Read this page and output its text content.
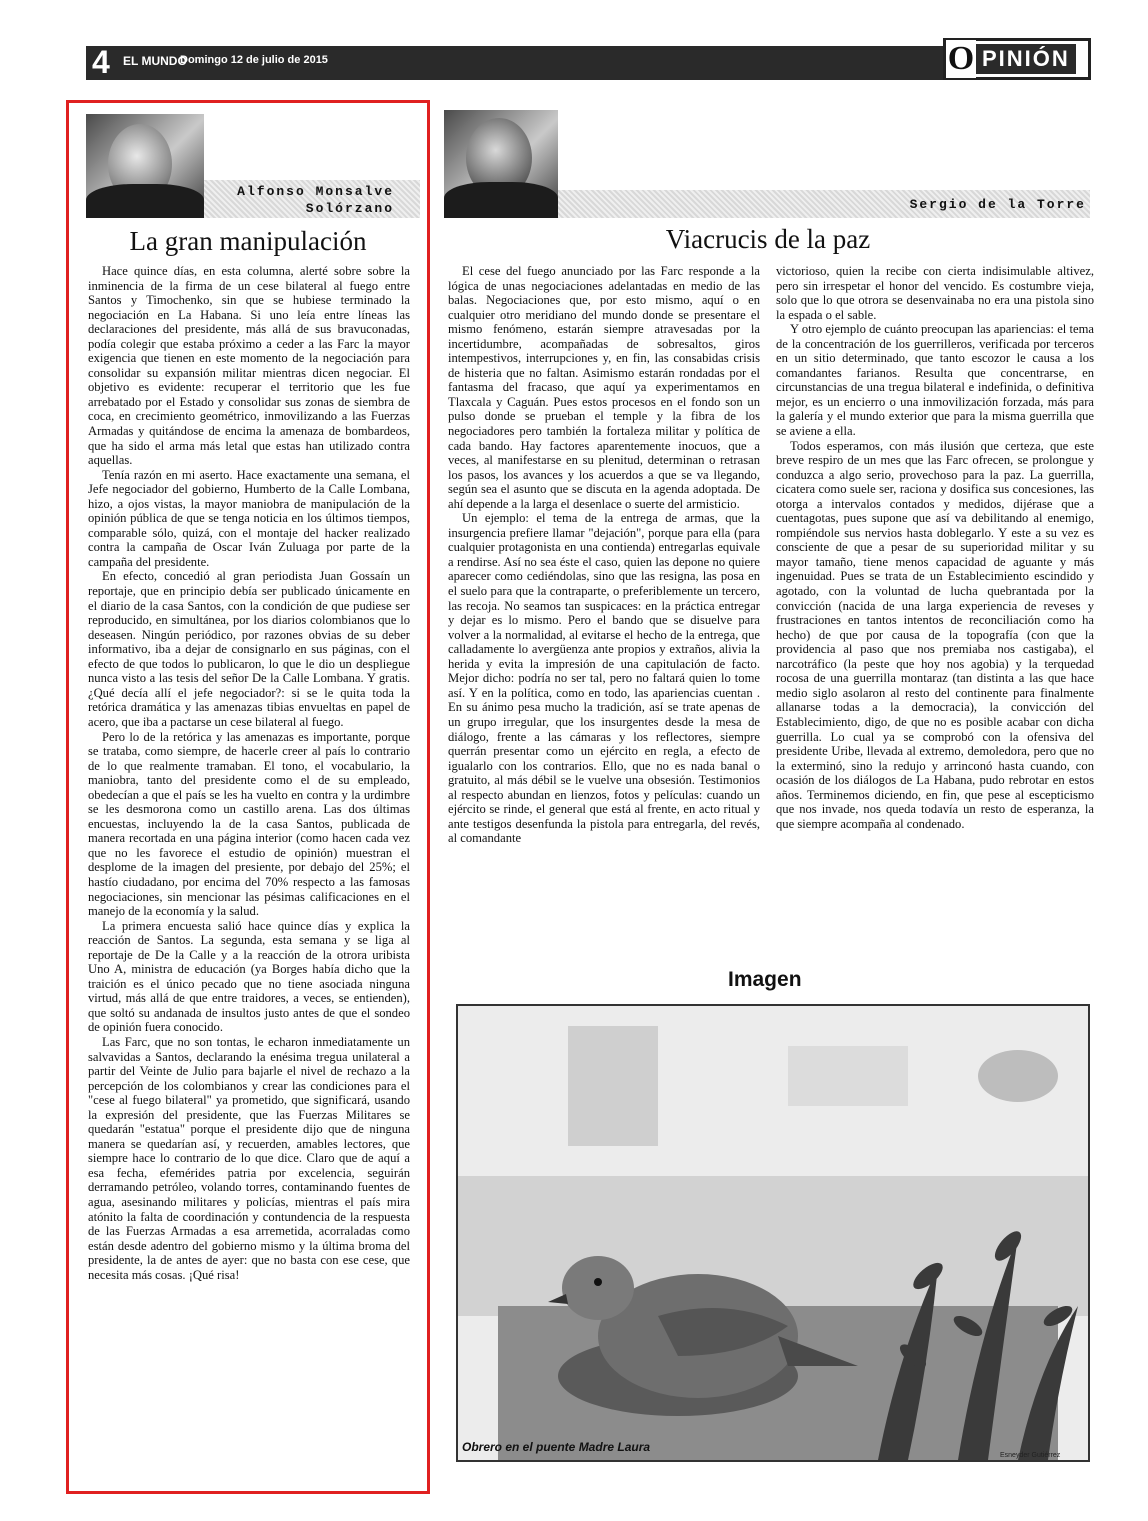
4 EL MUNDO
Domingo 12 de julio de 2015	O PINIÓN
Alfonso Monsalve
Solórzano
La gran manipulación

Hace quince días, en esta columna, alerté sobre sobre la inminencia de la firma de un cese bilateral al fuego entre Santos y Timochenko, sin que se hubiese terminado la negociación en La Habana. Si uno leía entre líneas las declaraciones del presidente, más allá de sus bravuconadas, podía colegir que estaba próximo a ceder a las Farc la mayor exigencia que tienen en este momento de la negociación para consolidar su expansión militar mientras dicen negociar. El objetivo es evidente: recuperar el territorio que les fue arrebatado por el Estado y consolidar sus zonas de siembra de coca, en crecimiento geométrico, inmovilizando a las Fuerzas Armadas y quitándose de encima la amenaza de bombardeos, que ha sido el arma más letal que estas han utilizado contra aquellas.

Tenía razón en mi aserto. Hace exactamente una semana, el Jefe negociador del gobierno, Humberto de la Calle Lombana, hizo, a ojos vistas, la mayor maniobra de manipulación de la opinión pública de que se tenga noticia en los últimos tiempos, comparable sólo, quizá, con el montaje del hacker realizado contra la campaña de Oscar Iván Zuluaga por parte de la campaña del presidente.

En efecto, concedió al gran periodista Juan Gossaín un reportaje, que en principio debía ser publicado únicamente en el diario de la casa Santos, con la condición de que pudiese ser reproducido, en simultánea, por los diarios colombianos que lo deseasen. Ningún periódico, por razones obvias de su deber informativo, iba a dejar de consignarlo en sus páginas, con el efecto de que todos lo publicaron, lo que le dio un despliegue nunca visto a las tesis del señor De la Calle Lombana. Y gratis. ¿Qué decía allí el jefe negociador?: si se le quita toda la retórica dramática y las amenazas tibias envueltas en papel de acero, que iba a pactarse un cese bilateral al fuego.

Pero lo de la retórica y las amenazas es importante, porque se trataba, como siempre, de hacerle creer al país lo contrario de lo que realmente tramaban. El tono, el vocabulario, la maniobra, tanto del presidente como el de su empleado, obedecían a que el país se les ha vuelto en contra y la urdimbre se les desmorona como un castillo arena. Las dos últimas encuestas, incluyendo la de la casa Santos, publicada de manera recortada en una página interior (como hacen cada vez que no les favorece el estudio de opinión) muestran el desplome de la imagen del presiente, por debajo del 25%; el hastío ciudadano, por encima del 70% respecto a las famosas negociaciones, sin mencionar las pésimas calificaciones en el manejo de la economía y la salud.

La primera encuesta salió hace quince días y explica la reacción de Santos. La segunda, esta semana y se liga al reportaje de De la Calle y a la reacción de la otrora uribista Uno A, ministra de educación (ya Borges había dicho que la traición es el único pecado que no tiene asociada ninguna virtud, más allá de que entre traidores, a veces, se entienden), que soltó su andanada de insultos justo antes de que el sondeo de opinión fuera conocido.

Las Farc, que no son tontas, le echaron inmediatamente un salvavidas a Santos, declarando la enésima tregua unilateral a partir del Veinte de Julio para bajarle el nivel de rechazo a la percepción de los colombianos y crear las condiciones para el "cese al fuego bilateral" ya prometido, que significará, usando la expresión del presidente, que las Fuerzas Militares se quedarán "estatua" porque el presidente dijo que de ninguna manera se quedarían así, y recuerden, amables lectores, que siempre hace lo contrario de lo que dice. Claro que de aquí a esa fecha, efemérides patria por excelencia, seguirán derramando petróleo, volando torres, contaminando fuentes de agua, asesinando militares y policías, mientras el país mira atónito la falta de coordinación y contundencia de la respuesta de las Fuerzas Armadas a esa arremetida, acorraladas como están desde adentro del gobierno mismo y la última broma del presidente, la de antes de ayer: que no basta con ese cese, que necesita más cosas. ¡Qué risa!

Sergio de la Torre
Viacrucis de la paz

El cese del fuego anunciado por las Farc responde a la lógica de unas negociaciones adelantadas en medio de las balas. Negociaciones que, por esto mismo, aquí o en cualquier otro meridiano del mundo donde se presentare el mismo fenómeno, estarán siempre atravesadas por la incertidumbre, acompañadas de sobresaltos, giros intempestivos, interrupciones y, en fin, las consabidas crisis de histeria que no faltan. Asimismo estarán rondadas por el fantasma del fracaso, que aquí ya experimentamos en Tlaxcala y Caguán. Pues estos procesos en el fondo son un pulso donde se prueban el temple y la fibra de los negociadores pero también la fortaleza militar y política de cada bando. Hay factores aparentemente inocuos, que a veces, al manifestarse en su plenitud, determinan o retrasan los pasos, los avances y los acuerdos a que se va llegando, según sea el asunto que se discuta en la agenda adoptada. De ahí depende a la larga el desenlace o suerte del armisticio.

Un ejemplo: el tema de la entrega de armas, que la insurgencia prefiere llamar "dejación", porque para ella (para cualquier protagonista en una contienda) entregarlas equivale a rendirse. Así no sea éste el caso, quien las depone no quiere aparecer como cediéndolas, sino que las resigna, las posa en el suelo para que la contraparte, o preferiblemente un tercero, las recoja. No seamos tan suspicaces: en la práctica entregar y dejar es lo mismo. Pero el bando que se disuelve para volver a la normalidad, al evitarse el hecho de la entrega, que calladamente lo avergüenza ante propios y extraños, alivia la herida y evita la impresión de una capitulación de facto. Mejor dicho: podría no ser tal, pero no faltará quien lo tome así. Y en la política, como en todo, las apariencias cuentan . En su ánimo pesa mucho la tradición, así se trate apenas de un grupo irregular, que los insurgentes desde la mesa de diálogo, frente a las cámaras y los reflectores, siempre querrán presentar como un ejército en regla, a efecto de igualarlo con los contrarios. Ello, que no es nada banal o gratuito, al más débil se le vuelve una obsesión. Testimonios al respecto abundan en lienzos, fotos y películas: cuando un ejército se rinde, el general que está al frente, en acto ritual y ante testigos desenfunda la pistola para entregarla, del revés, al comandante

victorioso, quien la recibe con cierta indisimulable altivez, pero sin irrespetar el honor del vencido. Es costumbre vieja, solo que lo que otrora se desenvainaba no era una pistola sino la espada o el sable.

Y otro ejemplo de cuánto preocupan las apariencias: el tema de la concentración de los guerrilleros, verificada por terceros en un sitio determinado, que tanto escozor le causa a los comandantes farianos. Resulta que concentrarse, en circunstancias de una tregua bilateral e indefinida, o definitiva mejor, es un encierro o una inmovilización forzada, más para la galería y el mundo exterior que para la misma guerrilla que se aviene a ella.

Todos esperamos, con más ilusión que certeza, que este breve respiro de un mes que las Farc ofrecen, se prolongue y conduzca a algo serio, provechoso para la paz. La guerrilla, cicatera como suele ser, raciona y dosifica sus concesiones, las otorga a intervalos contados y medidos, dijérase que a cuentagotas, pues supone que así va debilitando al enemigo, rompiéndole sus nervios hasta doblegarlo. Y este a su vez es consciente de que a pesar de su superioridad militar y su mayor tamaño, tiene menos capacidad de aguante y más ingenuidad. Pues se trata de un Establecimiento escindido y agotado, con la voluntad de lucha quebrantada por la convicción (nacida de una larga experiencia de reveses y frustraciones en tantos intentos de reconciliación como ha hecho) de que por causa de la topografía (con que la providencia al paso que nos premiaba nos castigaba), el narcotráfico (la peste que hoy nos agobia) y la terquedad rocosa de una guerrilla montaraz (tan distinta a las que hace medio siglo asolaron al resto del continente para finalmente allanarse todas a la democracia), la convicción del Establecimiento, digo, de que no es posible acabar con dicha guerrilla. Lo cual ya se comprobó con la ofensiva del presidente Uribe, llevada al extremo, demoledora, pero que no la exterminó, sino la redujo y arrinconó hasta cuando, con ocasión de los diálogos de La Habana, pudo rebrotar en estos años. Terminemos diciendo, en fin, que pese al escepticismo que nos invade, nos queda todavía un resto de esperanza, la que siempre acompaña al condenado.

Imagen
Obrero en el puente Madre Laura
Esneyder Gutiérrez
